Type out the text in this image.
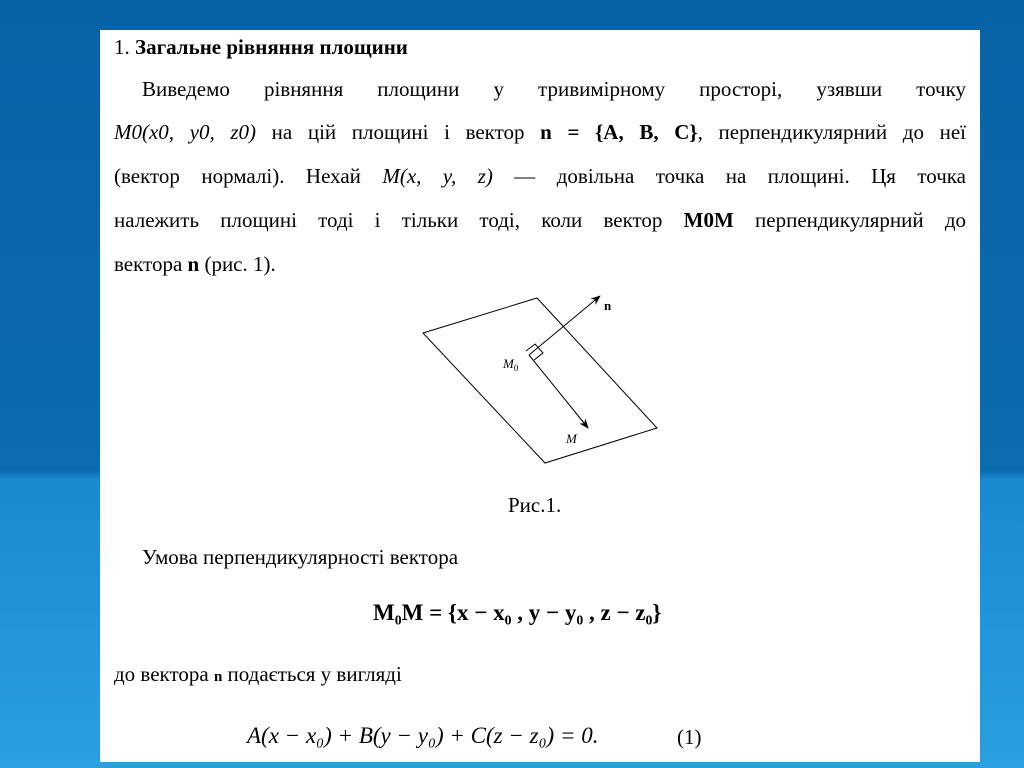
1. Загальне рівняння площини
Виведемо рівняння площини у тривимірному просторі, узявши точку
M0(x0, y0, z0) на цій площині і вектор n = {A, B, C}, перпендикулярний до неї
(вектор нормалі). Нехай M(x, y, z) — довільна точка на площині. Ця точка
належить площині тоді і тільки тоді, коли вектор M0M перпендикулярний до
вектора n (рис. 1).
n
$M_0$
M
Рис.1.
Умова перпендикулярності вектора
M₀M = {x − x₀ , y − y₀ , z − z₀}
до вектора n подається у вигляді
A(x − x₀) + B(y − y₀) + C(z − z₀) = 0.	(1)
